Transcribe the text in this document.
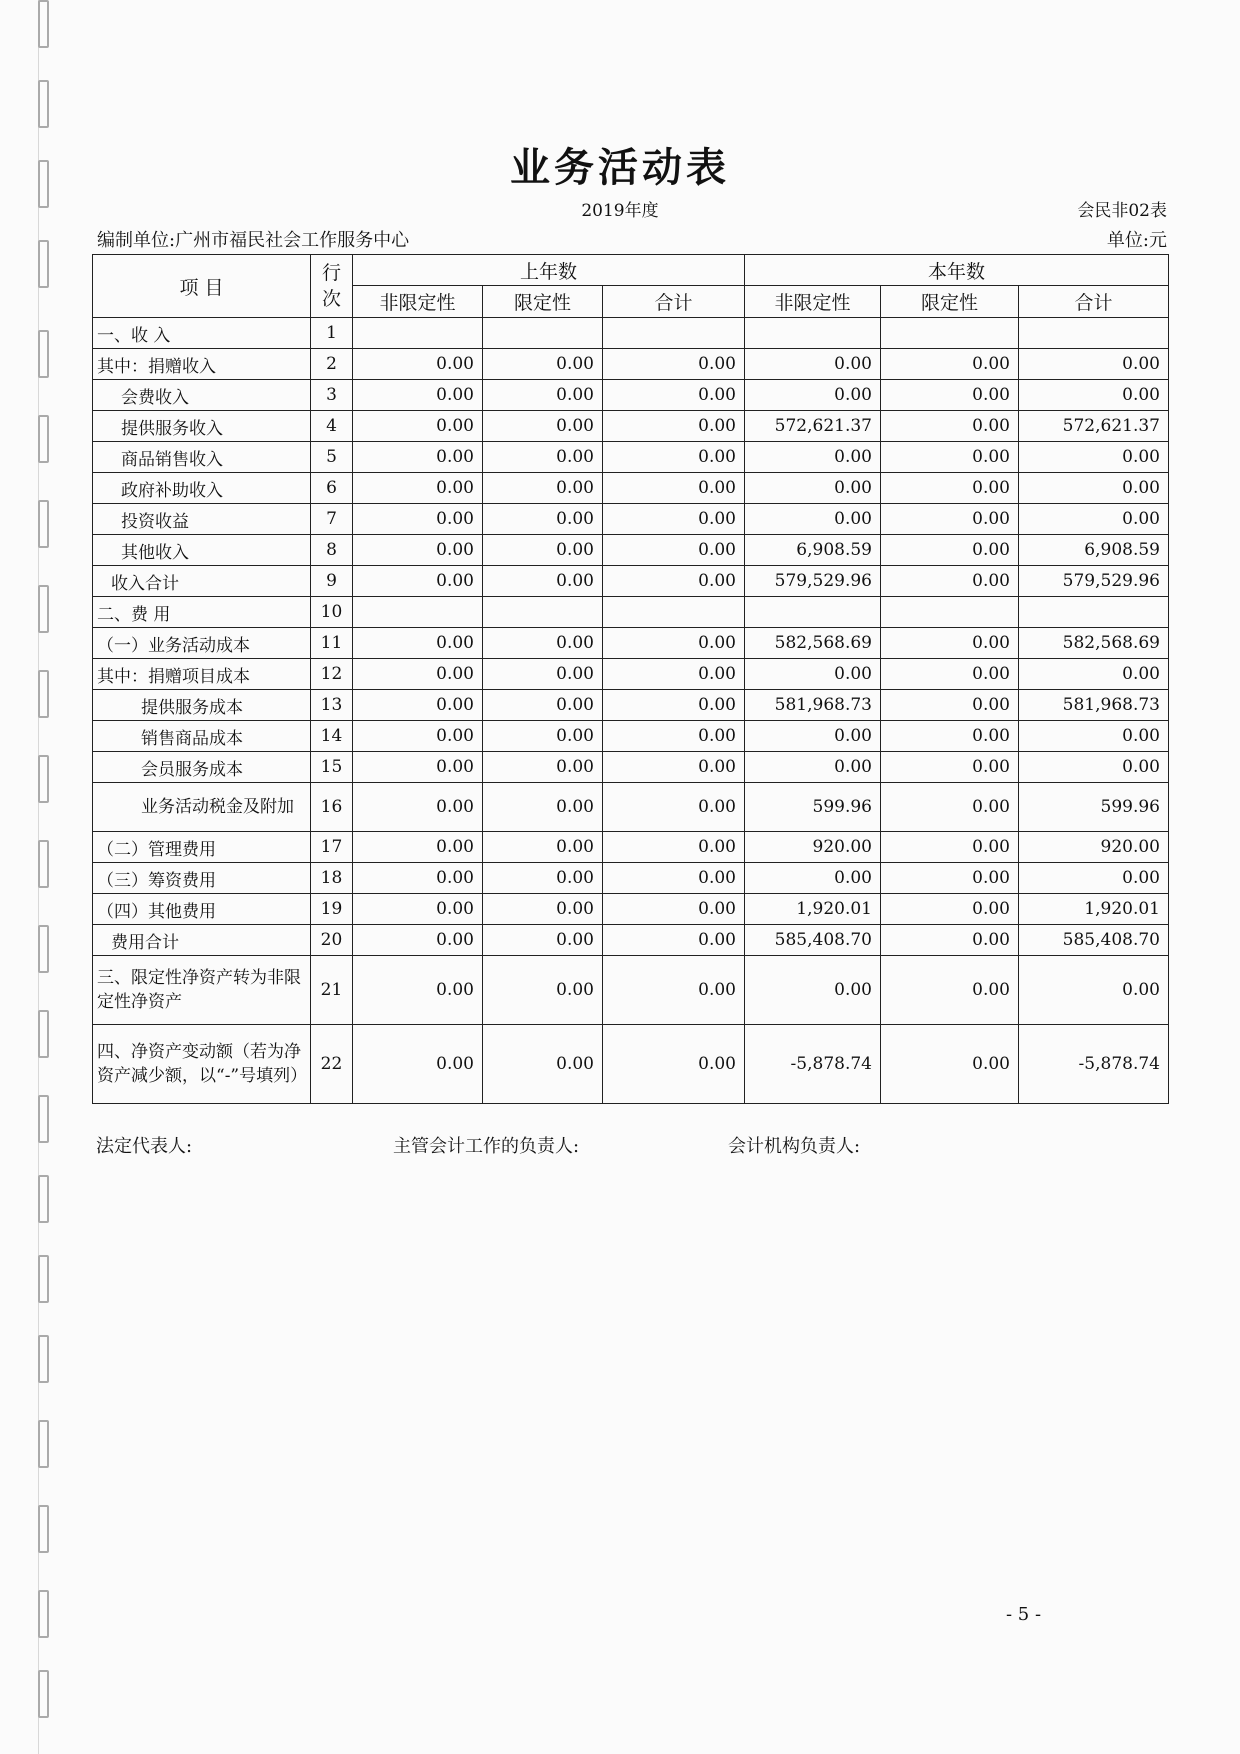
业务活动表
2019年度	会民非02表
编制单位:广州市福民社会工作服务中心	单位:元
项 目	行次	上年数			本年数		
		非限定性	限定性	合计	非限定性	限定性	合计
一、收 入	1						
其中：捐赠收入	2	0.00	0.00	0.00	0.00	0.00	0.00
会费收入	3	0.00	0.00	0.00	0.00	0.00	0.00
提供服务收入	4	0.00	0.00	0.00	572,621.37	0.00	572,621.37
商品销售收入	5	0.00	0.00	0.00	0.00	0.00	0.00
政府补助收入	6	0.00	0.00	0.00	0.00	0.00	0.00
投资收益	7	0.00	0.00	0.00	0.00	0.00	0.00
其他收入	8	0.00	0.00	0.00	6,908.59	0.00	6,908.59
收入合计	9	0.00	0.00	0.00	579,529.96	0.00	579,529.96
二、费 用	10						
（一）业务活动成本	11	0.00	0.00	0.00	582,568.69	0.00	582,568.69
其中：捐赠项目成本	12	0.00	0.00	0.00	0.00	0.00	0.00
提供服务成本	13	0.00	0.00	0.00	581,968.73	0.00	581,968.73
销售商品成本	14	0.00	0.00	0.00	0.00	0.00	0.00
会员服务成本	15	0.00	0.00	0.00	0.00	0.00	0.00

业务活动税金及附加	16	0.00	0.00	0.00	599.96	0.00	599.96
（二）管理费用	17	0.00	0.00	0.00	920.00	0.00	920.00
（三）筹资费用	18	0.00	0.00	0.00	0.00	0.00	0.00
（四）其他费用	19	0.00	0.00	0.00	1,920.01	0.00	1,920.01
费用合计	20	0.00	0.00	0.00	585,408.70	0.00	585,408.70
三、限定性净资产转为非限定性净资产	21	0.00	0.00	0.00	0.00	0.00	0.00
四、净资产变动额（若为净资产减少额，以“-”号填列）	22	0.00	0.00	0.00	-5,878.74	0.00	-5,878.74
法定代表人:	主管会计工作的负责人:	会计机构负责人:
- 5 -
